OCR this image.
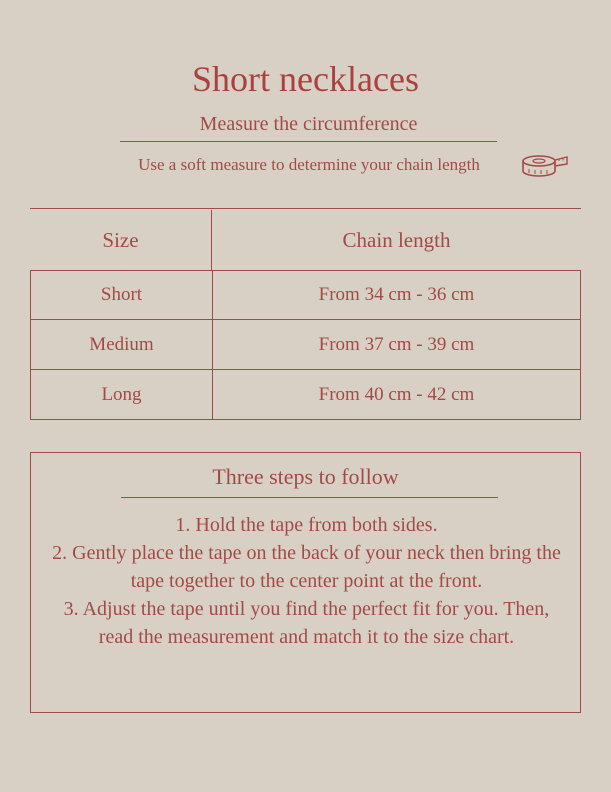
Short necklaces
Measure the circumference
Use a soft measure to determine your chain length
Size	Chain length
Short	From 34 cm - 36 cm
Medium	From 37 cm - 39 cm
Long	From 40 cm - 42 cm
Three steps to follow

1. Hold the tape from both sides.

2. Gently place the tape on the back of your neck then bring the tape together to the center point at the front.

3. Adjust the tape until you find the perfect fit for you. Then, read the measurement and match it to the size chart.
